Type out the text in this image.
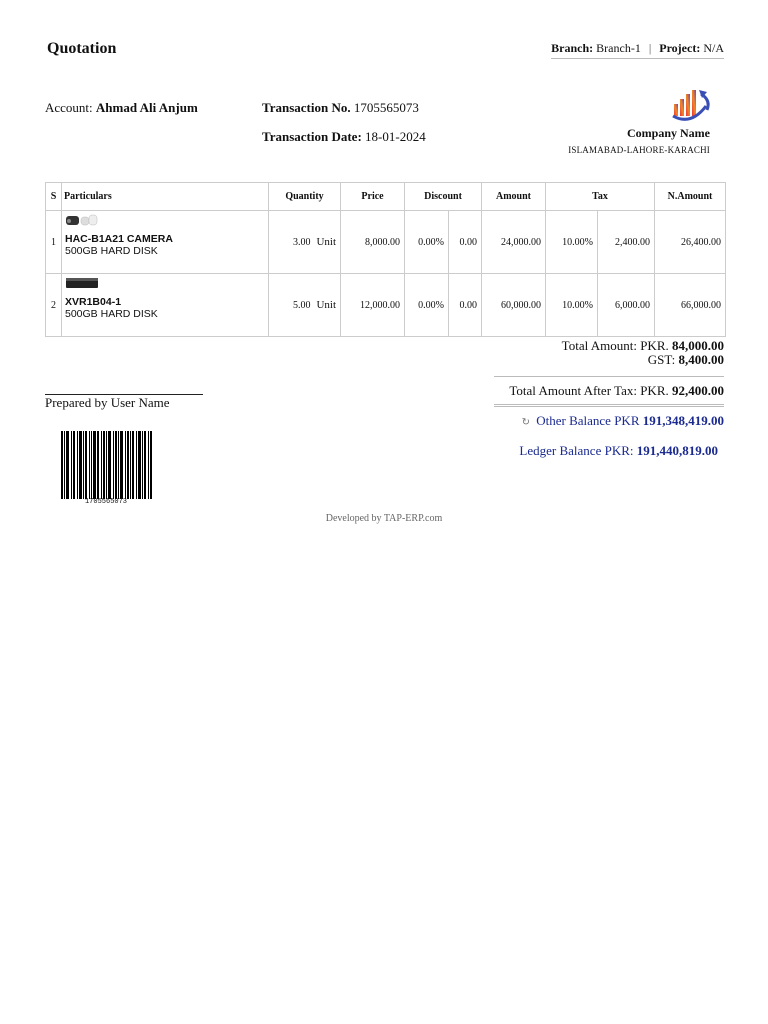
Quotation	Branch: Branch-1 | Project: N/A
Account: Ahmad Ali Anjum	Transaction No. 1705565073
Transaction Date: 18-01-2024	Company Name
ISLAMABAD-LAHORE-KARACHI
S	Particulars	Quantity	Price	Discount		Amount	Tax		N.Amount
1	HAC-B1A21 CAMERA
500GB HARD DISK	3.00 Unit	8,000.00	0.00%	0.00	24,000.00	10.00%	2,400.00	26,400.00
2	XVR1B04-1
500GB HARD DISK	5.00 Unit	12,000.00	0.00%	0.00	60,000.00	10.00%	6,000.00	66,000.00
Total Amount: PKR. 84,000.00
GST: 8,400.00
Total Amount After Tax: PKR. 92,400.00
↻ Other Balance PKR 191,348,419.00
Ledger Balance PKR: 191,440,819.00
Prepared by User Name
1705565073
Developed by TAP-ERP.com
